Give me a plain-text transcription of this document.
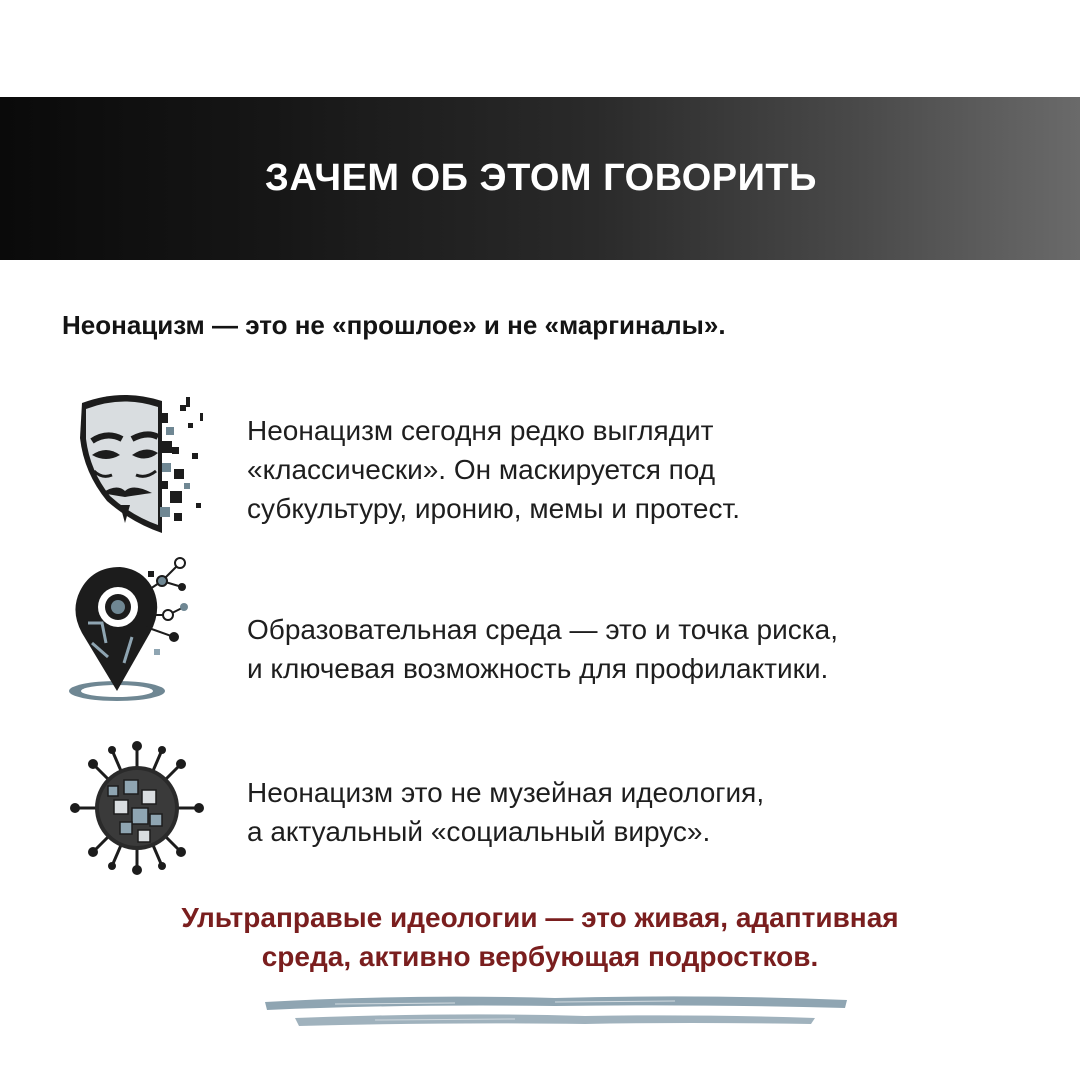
ЗАЧЕМ ОБ ЭТОМ ГОВОРИТЬ
Неонацизм — это не «прошлое» и не «маргиналы».
Неонацизм сегодня редко выглядит
«классически». Он маскируется под
субкультуру, иронию, мемы и протест.
Образовательная среда — это и точка риска,
и ключевая возможность для профилактики.
Неонацизм это не музейная идеология,
а актуальный «социальный вирус».
Ультраправые идеологии — это живая, адаптивная
среда, активно вербующая подростков.
